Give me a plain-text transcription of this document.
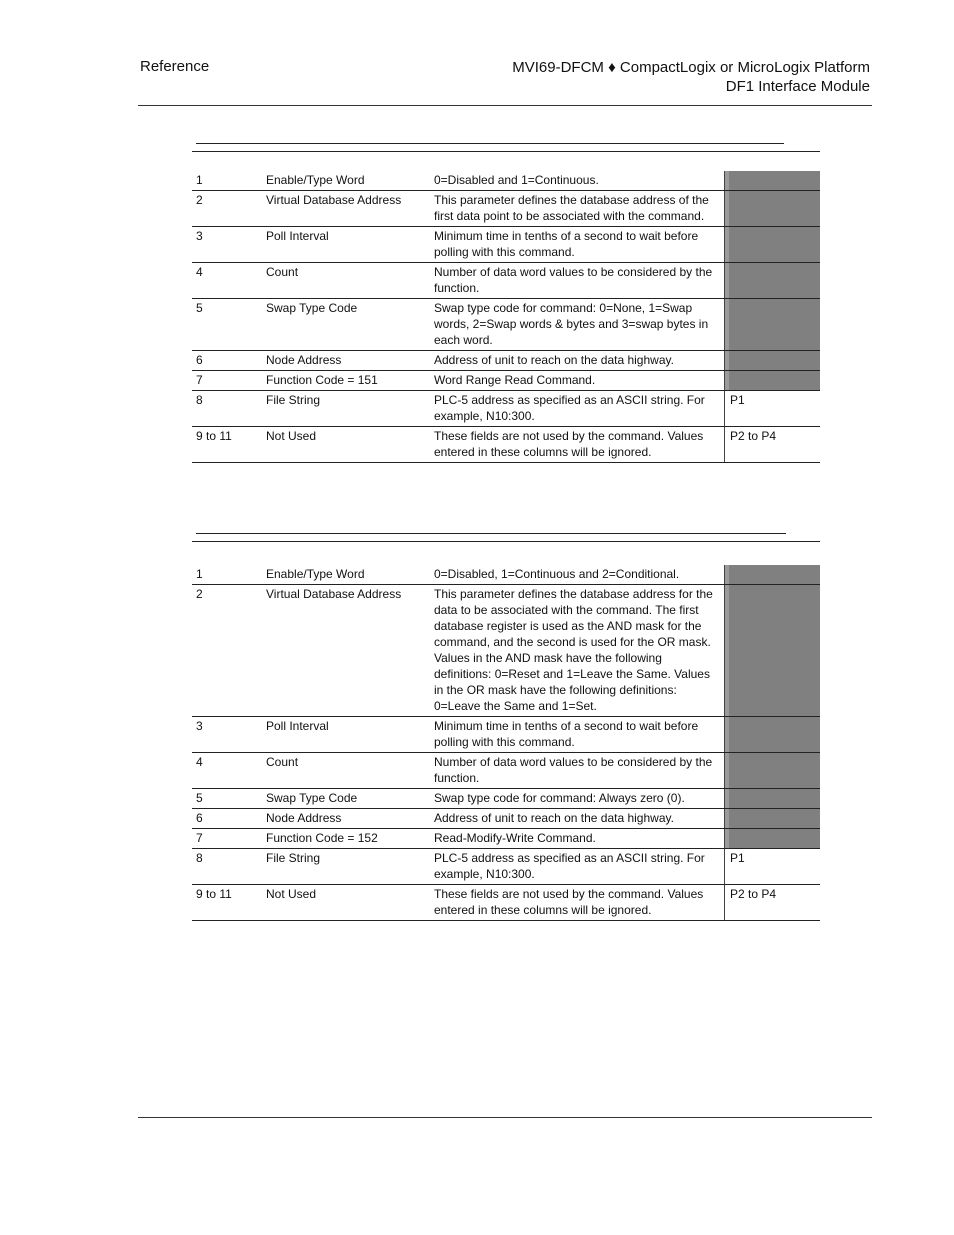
Reference	MVI69-DFCM ♦ CompactLogix or MicroLogix Platform
DF1 Interface Module
1	Enable/Type Word	0=Disabled and 1=Continuous.	
2	Virtual Database Address	This parameter defines the database address of the first data point to be associated with the command.	
3	Poll Interval	Minimum time in tenths of a second to wait before polling with this command.	
4	Count	Number of data word values to be considered by the function.	
5	Swap Type Code	Swap type code for command: 0=None, 1=Swap words, 2=Swap words & bytes and 3=swap bytes in each word.	
6	Node Address	Address of unit to reach on the data highway.	
7	Function Code = 151	Word Range Read Command.	
8	File String	PLC-5 address as specified as an ASCII string. For example, N10:300.	P1
9 to 11	Not Used	These fields are not used by the command. Values entered in these columns will be ignored.	P2 to P4
1	Enable/Type Word	0=Disabled, 1=Continuous and 2=Conditional.	
2	Virtual Database Address	This parameter defines the database address for the data to be associated with the command. The first database register is used as the AND mask for the command, and the second is used for the OR mask. Values in the AND mask have the following definitions: 0=Reset and 1=Leave the Same. Values in the OR mask have the following definitions: 0=Leave the Same and 1=Set.	
3	Poll Interval	Minimum time in tenths of a second to wait before polling with this command.	
4	Count	Number of data word values to be considered by the function.	
5	Swap Type Code	Swap type code for command: Always zero (0).	
6	Node Address	Address of unit to reach on the data highway.	
7	Function Code = 152	Read-Modify-Write Command.	
8	File String	PLC-5 address as specified as an ASCII string. For example, N10:300.	P1
9 to 11	Not Used	These fields are not used by the command. Values entered in these columns will be ignored.	P2 to P4
